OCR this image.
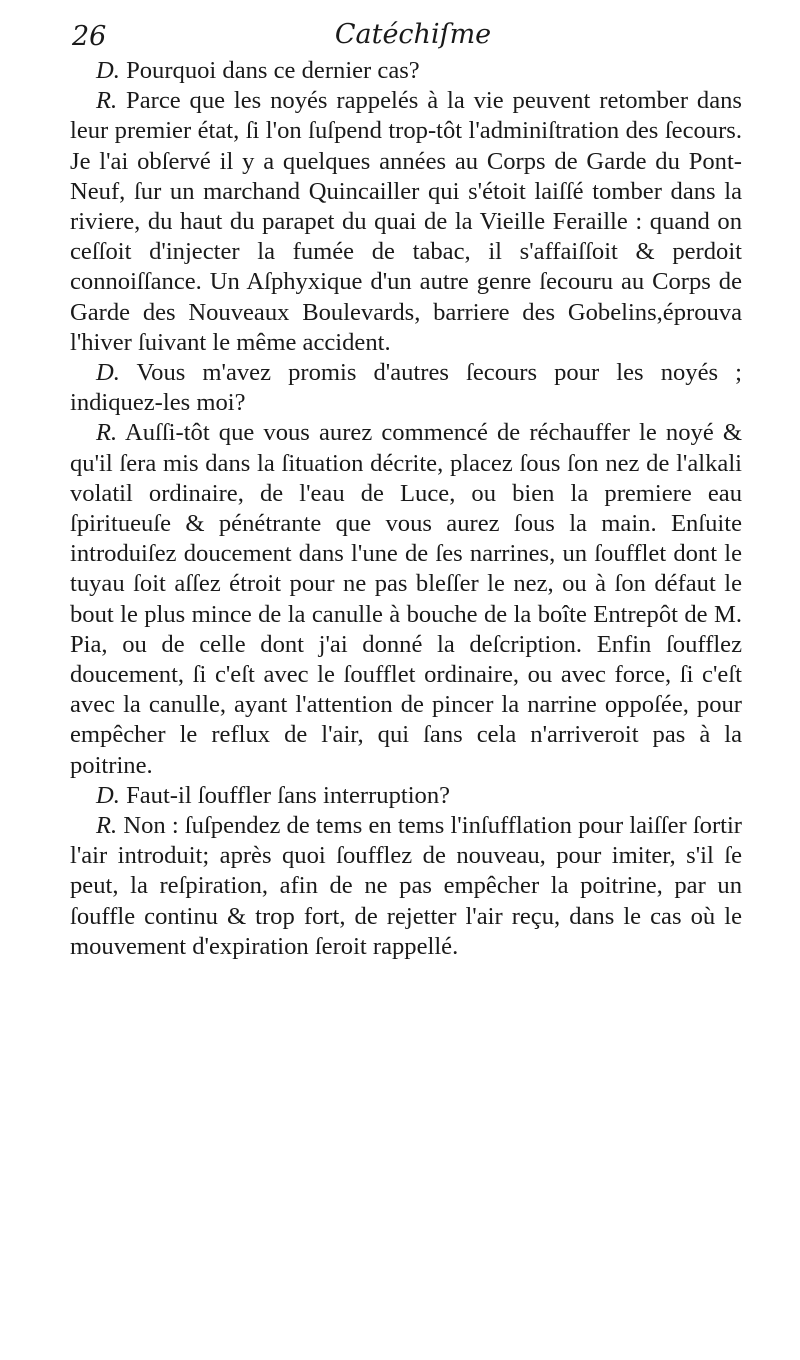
26	Catéchiſme

D. Pourquoi dans ce dernier cas?

R. Parce que les noyés rappelés à la vie peuvent retomber dans leur premier état, ſi l'on ſuſpend trop-tôt l'adminiſtration des ſecours. Je l'ai obſervé il y a quelques années au Corps de Garde du Pont-Neuf, ſur un marchand Quincailler qui s'étoit laiſſé tomber dans la riviere, du haut du parapet du quai de la Vieille Feraille : quand on ceſſoit d'injecter la fumée de tabac, il s'affaiſſoit & perdoit connoiſſance. Un Aſphyxique d'un autre genre ſecouru au Corps de Garde des Nouveaux Boulevards, barriere des Gobelins,éprouva l'hiver ſuivant le même accident.

D. Vous m'avez promis d'autres ſecours pour les noyés ; indiquez-les moi?

R. Auſſi-tôt que vous aurez commencé de réchauffer le noyé & qu'il ſera mis dans la ſituation décrite, placez ſous ſon nez de l'alkali volatil ordinaire, de l'eau de Luce, ou bien la premiere eau ſpiritueuſe & pénétrante que vous aurez ſous la main. Enſuite introduiſez doucement dans l'une de ſes narrines, un ſoufflet dont le tuyau ſoit aſſez étroit pour ne pas bleſſer le nez, ou à ſon défaut le bout le plus mince de la canulle à bouche de la boîte Entrepôt de M. Pia, ou de celle dont j'ai donné la deſcription. Enfin ſoufflez doucement, ſi c'eſt avec le ſoufflet ordinaire, ou avec force, ſi c'eſt avec la canulle, ayant l'attention de pincer la narrine oppoſée, pour empêcher le reflux de l'air, qui ſans cela n'arriveroit pas à la poitrine.

D. Faut-il ſouffler ſans interruption?

R. Non : ſuſpendez de tems en tems l'inſufflation pour laiſſer ſortir l'air introduit; après quoi ſoufflez de nouveau, pour imiter, s'il ſe peut, la reſpiration, afin de ne pas empêcher la poitrine, par un ſouffle continu & trop fort, de rejetter l'air reçu, dans le cas où le mouvement d'expiration ſeroit rappellé.
